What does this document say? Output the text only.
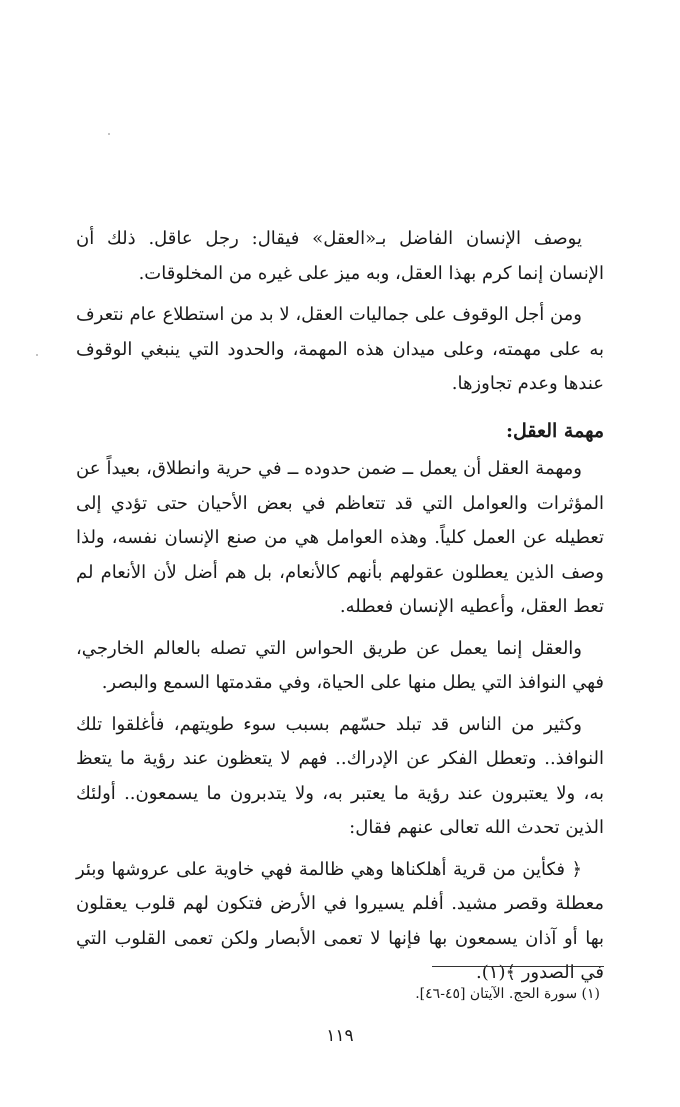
يوصف الإنسان الفاضل بـ«العقل» فيقال: رجل عاقل. ذلك أن الإنسان إنما كرم بهذا العقل، وبه ميز على غيره من المخلوقات.

ومن أجل الوقوف على جماليات العقل، لا بد من استطلاع عام نتعرف به على مهمته، وعلى ميدان هذه المهمة، والحدود التي ينبغي الوقوف عندها وعدم تجاوزها.

مهمة العقل:

ومهمة العقل أن يعمل ــ ضمن حدوده ــ في حرية وانطلاق، بعيداً عن المؤثرات والعوامل التي قد تتعاظم في بعض الأحيان حتى تؤدي إلى تعطيله عن العمل كلياً. وهذه العوامل هي من صنع الإنسان نفسه، ولذا وصف الذين يعطلون عقولهم بأنهم كالأنعام، بل هم أضل لأن الأنعام لم تعط العقل، وأعطيه الإنسان فعطله.

والعقل إنما يعمل عن طريق الحواس التي تصله بالعالم الخارجي، فهي النوافذ التي يطل منها على الحياة، وفي مقدمتها السمع والبصر.

وكثير من الناس قد تبلد حسّهم بسبب سوء طويتهم، فأغلقوا تلك النوافذ.. وتعطل الفكر عن الإدراك.. فهم لا يتعظون عند رؤية ما يتعظ به، ولا يعتبرون عند رؤية ما يعتبر به، ولا يتدبرون ما يسمعون.. أولئك الذين تحدث الله تعالى عنهم فقال:

﴿ فكأين من قرية أهلكناها وهي ظالمة فهي خاوية على عروشها وبئر معطلة وقصر مشيد. أفلم يسيروا في الأرض فتكون لهم قلوب يعقلون بها أو آذان يسمعون بها فإنها لا تعمى الأبصار ولكن تعمى القلوب التي في الصدور ﴾(١).

(١) سورة الحج. الآيتان [٤٥-٤٦].
١١٩
